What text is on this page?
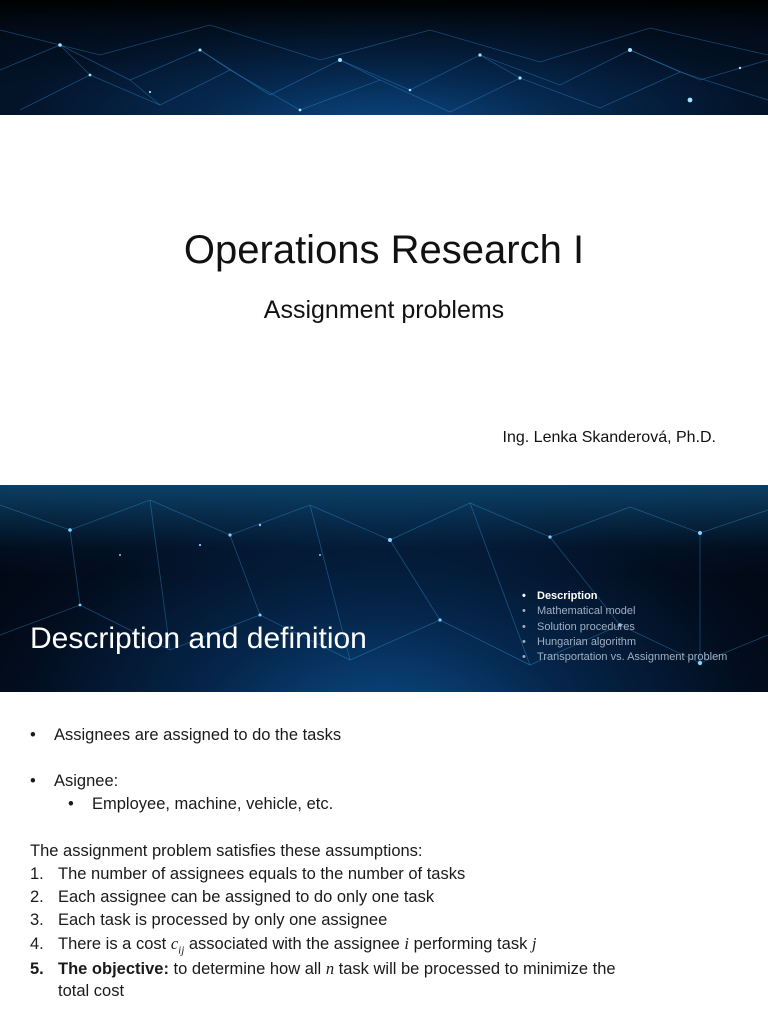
Operations Research I
Assignment problems
Ing. Lenka Skanderová, Ph.D.
Description and definition
• Description
• Mathematical model
• Solution procedures
• Hungarian algorithm
• Transportation vs. Assignment problem
• Assignees are assigned to do the tasks
• Asignee:
• Employee, machine, vehicle, etc.
The assignment problem satisfies these assumptions:
1. The number of assignees equals to the number of tasks
2. Each assignee can be assigned to do only one task
3. Each task is processed by only one assignee
4. There is a cost $c_{ij}$ associated with the assignee i performing task j
5. The objective: to determine how all n task will be processed to minimize the
total cost
